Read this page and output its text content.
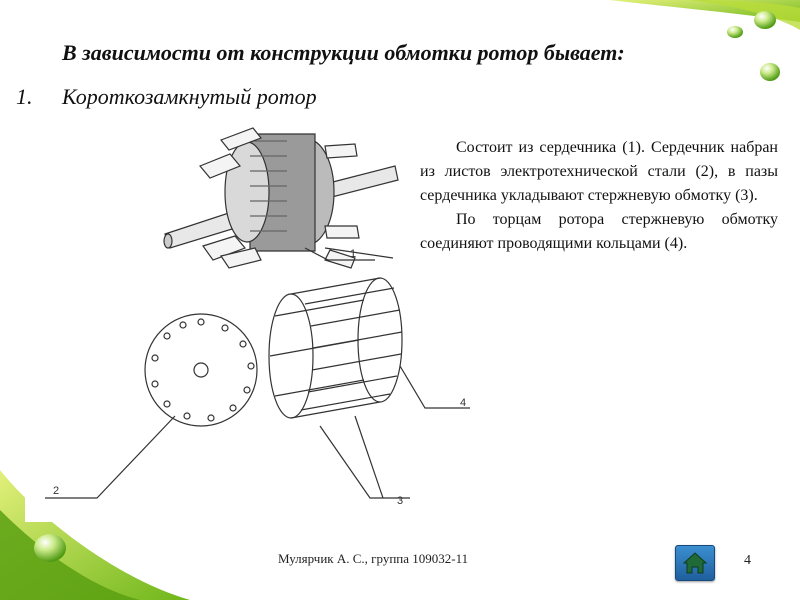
В зависимости от конструкции обмотки ротор бывает:
1. Короткозамкнутый ротор
1
2
3
4

Состоит из сердечника (1). Сердечник набран из листов электротехнической стали (2), в пазы сердечника укладывают стержневую обмотку (3).

По торцам ротора стержневую обмотку соединяют проводящими кольцами (4).

Мулярчик А. С., группа 109032-11	4
